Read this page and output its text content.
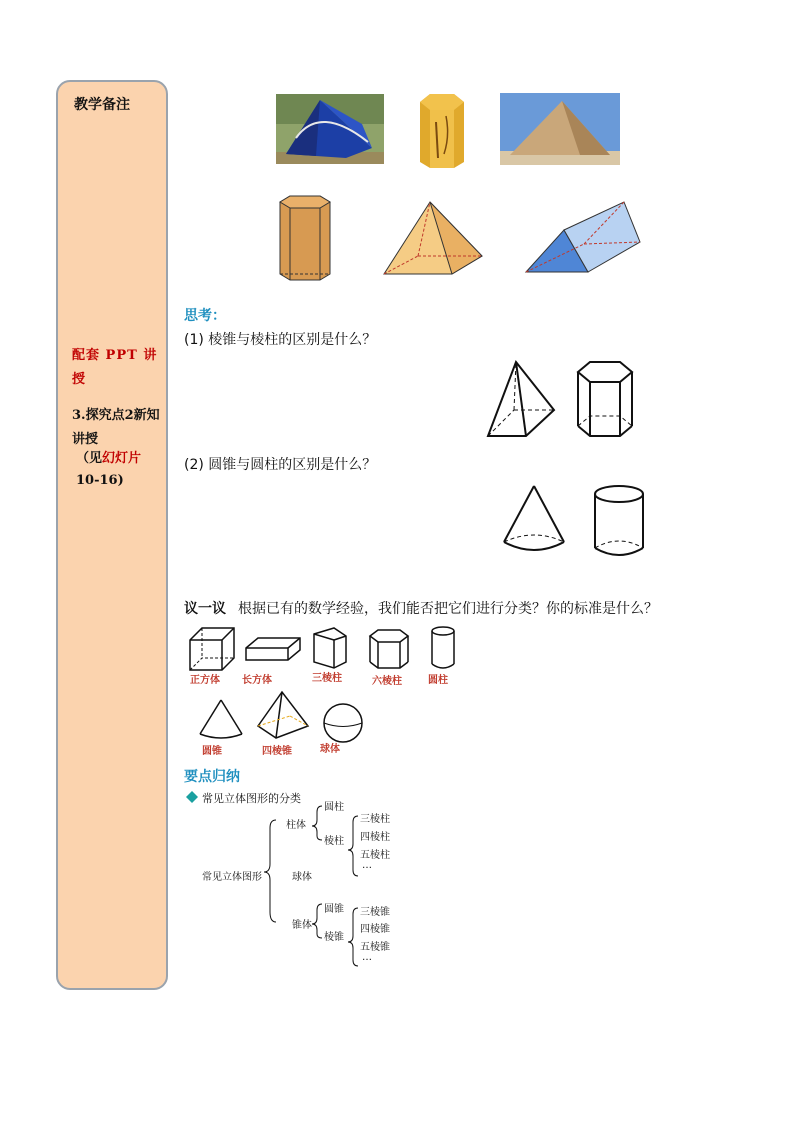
教学备注
配套 PPT 讲授
3.探究点2新知讲授
（见幻灯片
10-16)
思考：
(1) 棱锥与棱柱的区别是什么？
(2) 圆锥与圆柱的区别是什么？
议一议 根据已有的数学经验，我们能否把它们进行分类？你的标准是什么？
正方体 长方体	三棱柱	六棱柱	圆柱
圆锥	四棱锥	球体
要点归纳
常见立体图形的分类
常见立体图形
柱体
球体
锥体
圆柱
棱柱
三棱柱
四棱柱
五棱柱
…
圆锥
棱锥
三棱锥
四棱锥
五棱锥
…
